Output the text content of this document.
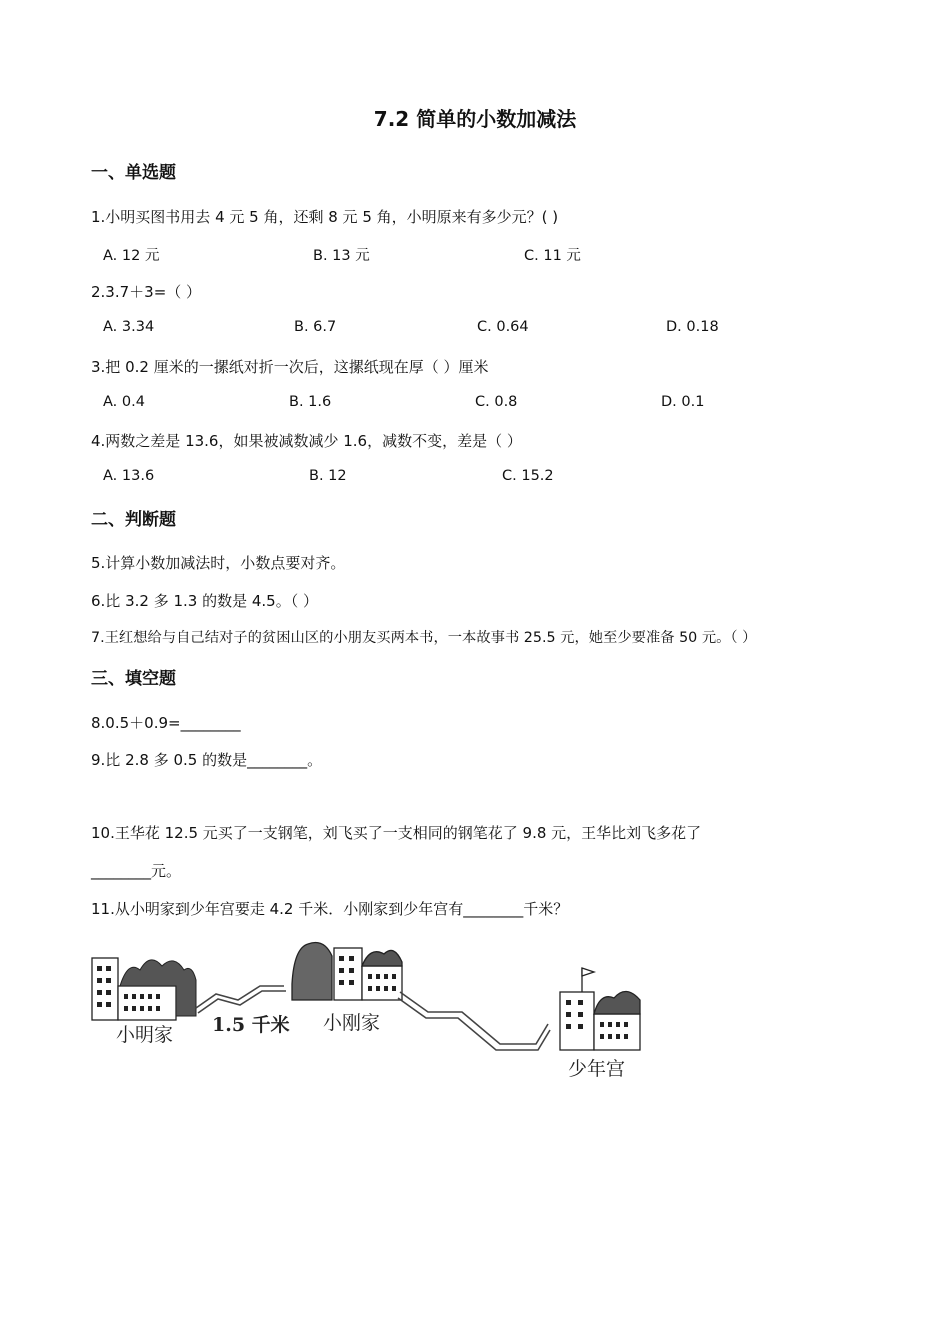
7.2 简单的小数加减法
一、单选题
1.小明买图书用去 4 元 5 角，还剩 8 元 5 角，小明原来有多少元？( )
A. 12 元	B. 13 元	C. 11 元
2.3.7＋3=（ ）
A. 3.34	B. 6.7	C. 0.64	D. 0.18
3.把 0.2 厘米的一摞纸对折一次后，这摞纸现在厚（ ）厘米
A. 0.4	B. 1.6	C. 0.8	D. 0.1
4.两数之差是 13.6，如果被减数减少 1.6，减数不变，差是（ ）
A. 13.6	B. 12	C. 15.2
二、判断题
5.计算小数加减法时，小数点要对齐。
6.比 3.2 多 1.3 的数是 4.5。（ ）
7.王红想给与自己结对子的贫困山区的小朋友买两本书，一本故事书 25.5 元，她至少要准备 50 元。（ ）
三、填空题
8.0.5＋0.9=________
9.比 2.8 多 0.5 的数是________。
10.王华花 12.5 元买了一支钢笔，刘飞买了一支相同的钢笔花了 9.8 元，王华比刘飞多花了
________元。
11.从小明家到少年宫要走 4.2 千米．小刚家到少年宫有________千米？
小明家 1.5 千米 小刚家
少年宫
